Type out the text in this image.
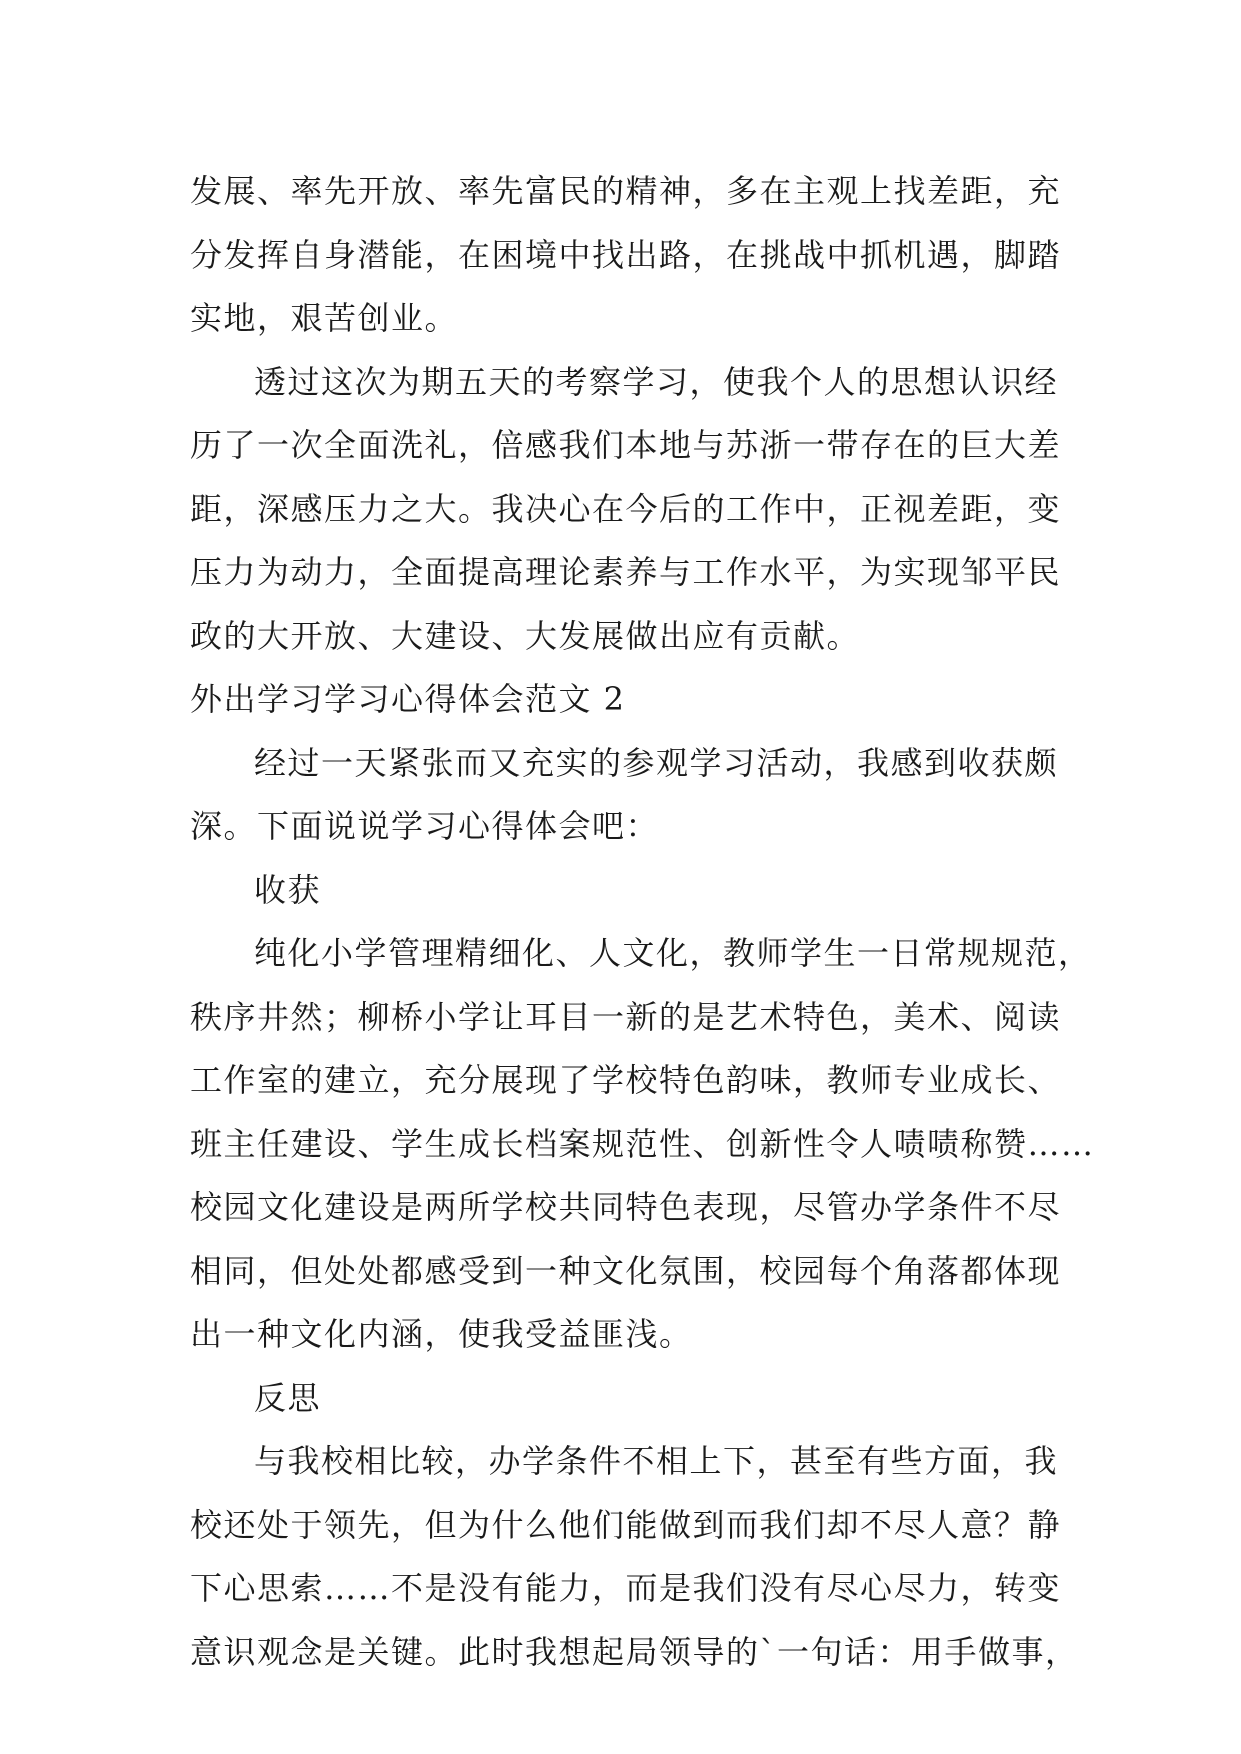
发展、率先开放、率先富民的精神，多在主观上找差距，充
分发挥自身潜能，在困境中找出路，在挑战中抓机遇，脚踏
实地，艰苦创业。
透过这次为期五天的考察学习，使我个人的思想认识经
历了一次全面洗礼，倍感我们本地与苏浙一带存在的巨大差
距，深感压力之大。我决心在今后的工作中，正视差距，变
压力为动力，全面提高理论素养与工作水平，为实现邹平民
政的大开放、大建设、大发展做出应有贡献。
外出学习学习心得体会范文 2
经过一天紧张而又充实的参观学习活动，我感到收获颇
深。下面说说学习心得体会吧：
收获
纯化小学管理精细化、人文化，教师学生一日常规规范，
秩序井然；柳桥小学让耳目一新的是艺术特色，美术、阅读
工作室的建立，充分展现了学校特色韵味，教师专业成长、
班主任建设、学生成长档案规范性、创新性令人啧啧称赞……
校园文化建设是两所学校共同特色表现，尽管办学条件不尽
相同，但处处都感受到一种文化氛围，校园每个角落都体现
出一种文化内涵，使我受益匪浅。
反思
与我校相比较，办学条件不相上下，甚至有些方面，我
校还处于领先，但为什么他们能做到而我们却不尽人意？静
下心思索……不是没有能力，而是我们没有尽心尽力，转变
意识观念是关键。此时我想起局领导的`一句话：用手做事，
